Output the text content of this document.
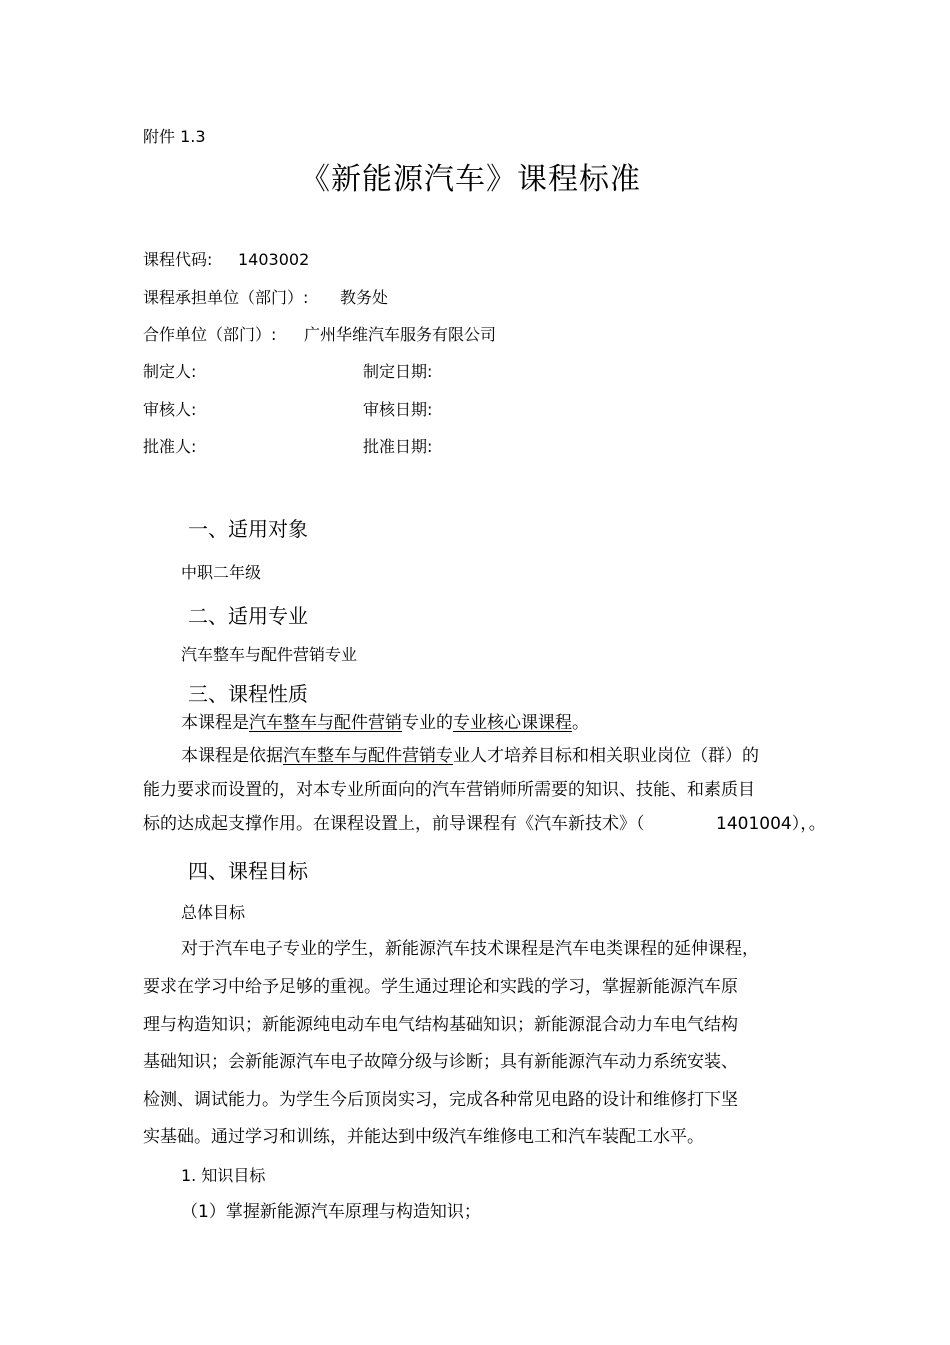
附件 1.3
《新能源汽车》课程标准
课程代码: 1403002
课程承担单位（部门）: 教务处
合作单位（部门）: 广州华维汽车服务有限公司
制定人:	制定日期:
审核人:	审核日期:
批准人:	批准日期:
一、适用对象
中职二年级
二、适用专业
汽车整车与配件营销专业
三、课程性质
本课程是汽车整车与配件营销专业的专业核心课课程。
本课程是依据汽车整车与配件营销专业人才培养目标和相关职业岗位（群）的
能力要求而设置的，对本专业所面向的汽车营销师所需要的知识、技能、和素质目
标的达成起支撑作用。在课程设置上，前导课程有《汽车新技术》（	1401004），。
四、课程目标
总体目标
对于汽车电子专业的学生，新能源汽车技术课程是汽车电类课程的延伸课程，
要求在学习中给予足够的重视。学生通过理论和实践的学习，掌握新能源汽车原
理与构造知识；新能源纯电动车电气结构基础知识；新能源混合动力车电气结构
基础知识；会新能源汽车电子故障分级与诊断；具有新能源汽车动力系统安装、
检测、调试能力。为学生今后顶岗实习，完成各种常见电路的设计和维修打下坚
实基础。通过学习和训练，并能达到中级汽车维修电工和汽车装配工水平。
1. 知识目标
（1）掌握新能源汽车原理与构造知识；
